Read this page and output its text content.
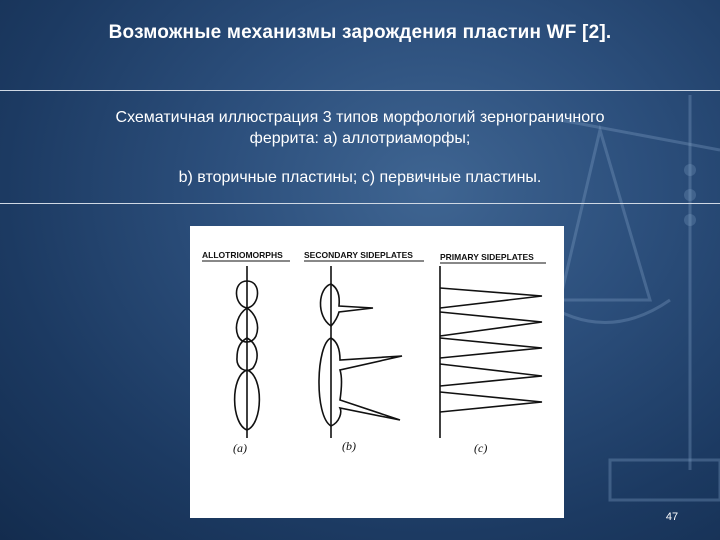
Возможные механизмы зарождения пластин WF [2].
Схематичная иллюстрация 3 типов морфологий зернограничного
феррита: a) аллотриаморфы;
b) вторичные пластины; c) первичные пластины.
ALLOTRIOMORPHS	SECONDARY SIDEPLATES	PRIMARY SIDEPLATES
(a)	(b)	(c)
47
